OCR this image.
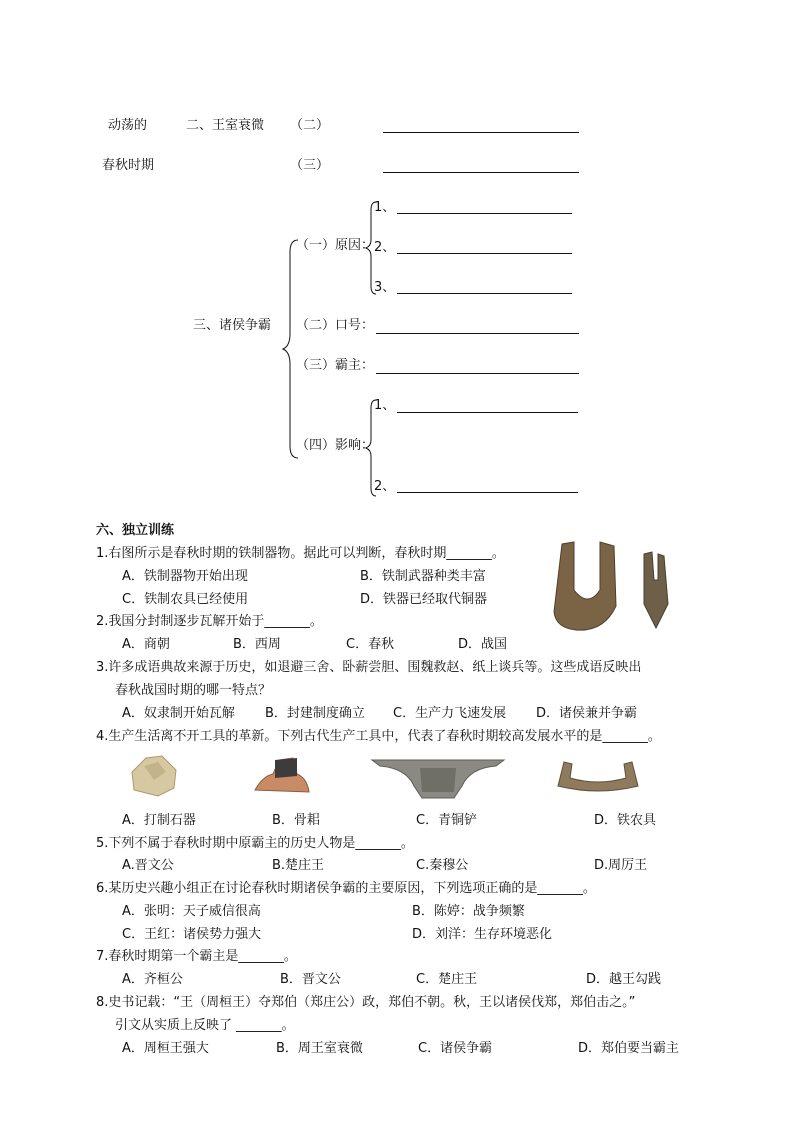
动荡的	二、王室衰微 （二）
春秋时期	（三）
三、诸侯争霸
（一）原因：
1、
2、
3、
（二）口号：
（三）霸主：
（四）影响：
1、
2、
六、独立训练
1.右图所示是春秋时期的铁制器物。据此可以判断，春秋时期_______。
A．铁制器物开始出现	B．铁制武器种类丰富
C．铁制农具已经使用	D．铁器已经取代铜器
2.我国分封制逐步瓦解开始于_______。
A．商朝	B．西周	C．春秋	D．战国
3.许多成语典故来源于历史，如退避三舍、卧薪尝胆、围魏救赵、纸上谈兵等。这些成语反映出
春秋战国时期的哪一特点？
A．奴隶制开始瓦解 B．封建制度确立 C．生产力飞速发展 D．诸侯兼并争霸
4.生产生活离不开工具的革新。下列古代生产工具中，代表了春秋时期较高发展水平的是_______。
A．打制石器	B．骨耜	C．青铜铲	D．铁农具
5.下列不属于春秋时期中原霸主的历史人物是_______。
A.晋文公	B.楚庄王	C.秦穆公	D.周厉王
6.某历史兴趣小组正在讨论春秋时期诸侯争霸的主要原因，下列选项正确的是_______。
A．张明：天子威信很高	B．陈婷：战争频繁
C．王红：诸侯势力强大	D．刘洋：生存环境恶化
7.春秋时期第一个霸主是_______。
A．齐桓公	B．晋文公	C．楚庄王	D．越王勾践
8.史书记载：“王（周桓王）夺郑伯（郑庄公）政，郑伯不朝。秋，王以诸侯伐郑，郑伯击之。”
引文从实质上反映了 _______。
A．周桓王强大	B．周王室衰微	C．诸侯争霸	D．郑伯要当霸主
